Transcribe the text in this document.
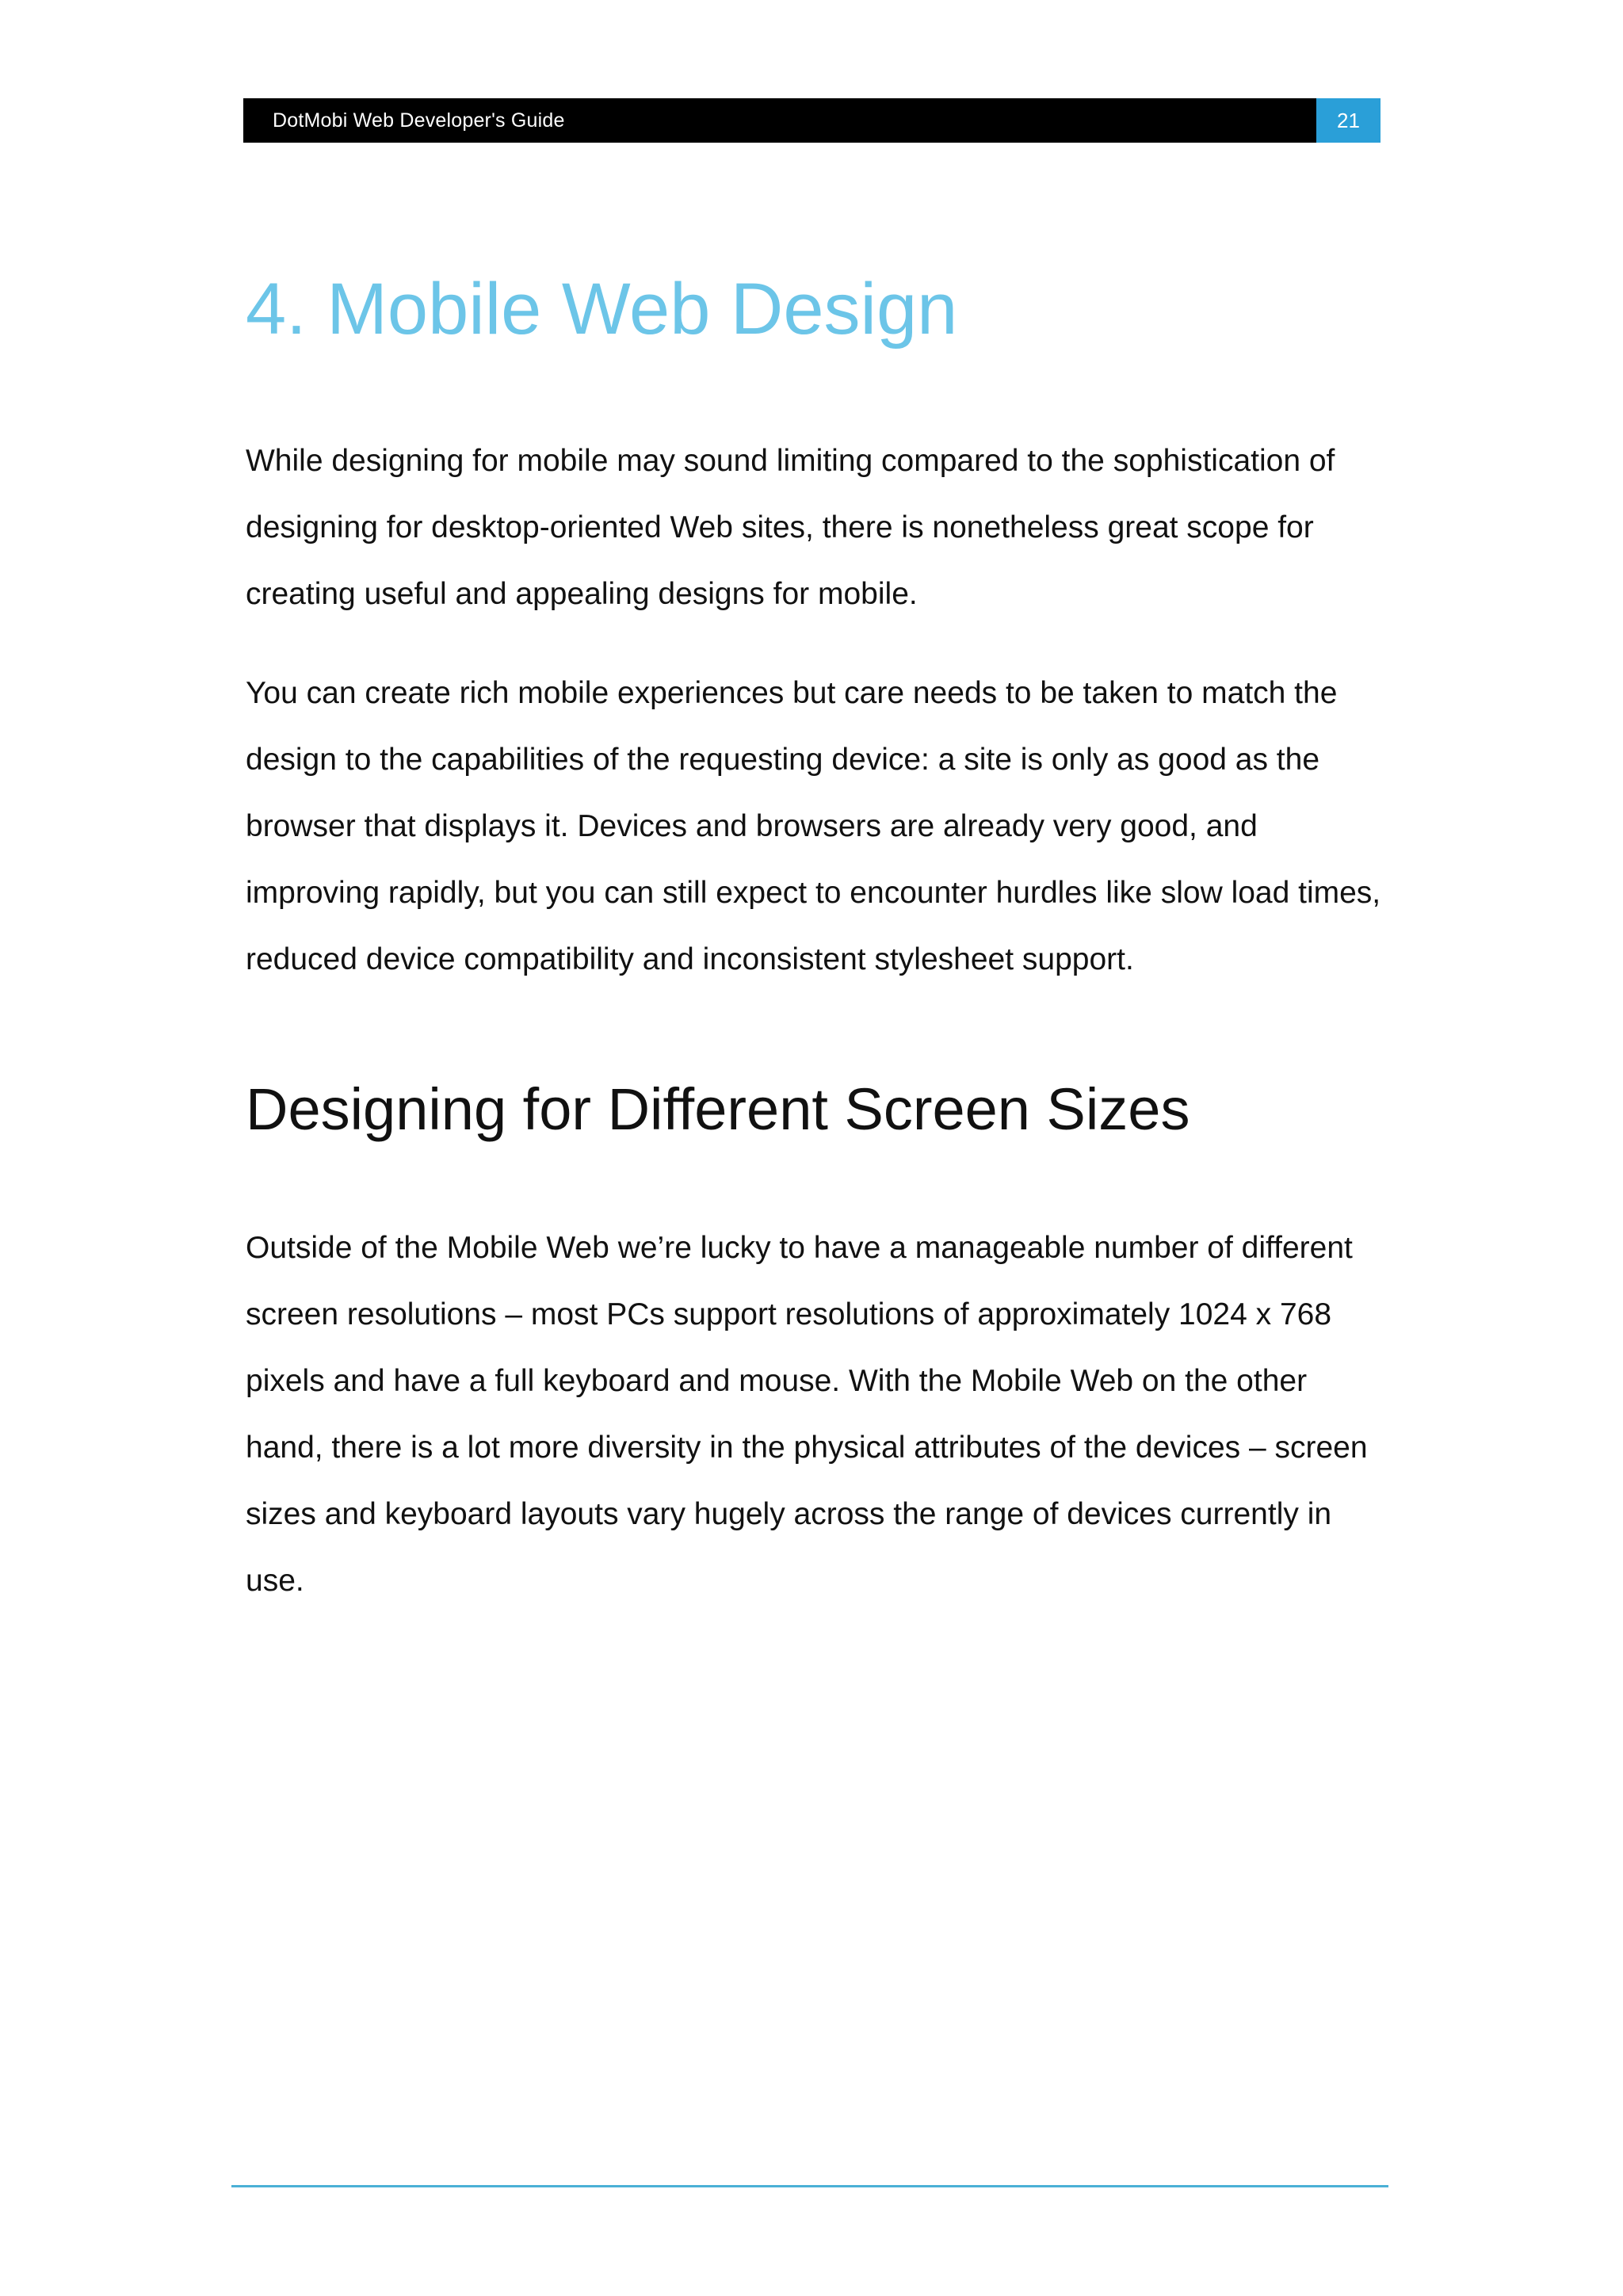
DotMobi Web Developer's Guide	21
4. Mobile Web Design

While designing for mobile may sound limiting compared to the sophistication of designing for desktop-oriented Web sites, there is nonetheless great scope for creating useful and appealing designs for mobile.

You can create rich mobile experiences but care needs to be taken to match the design to the capabilities of the requesting device: a site is only as good as the browser that displays it. Devices and browsers are already very good, and improving rapidly, but you can still expect to encounter hurdles like slow load times, reduced device compatibility and inconsistent stylesheet support.

Designing for Different Screen Sizes

Outside of the Mobile Web we’re lucky to have a manageable number of different screen resolutions – most PCs support resolutions of approximately 1024 x 768 pixels and have a full keyboard and mouse. With the Mobile Web on the other hand, there is a lot more diversity in the physical attributes of the devices – screen sizes and keyboard layouts vary hugely across the range of devices currently in use.
